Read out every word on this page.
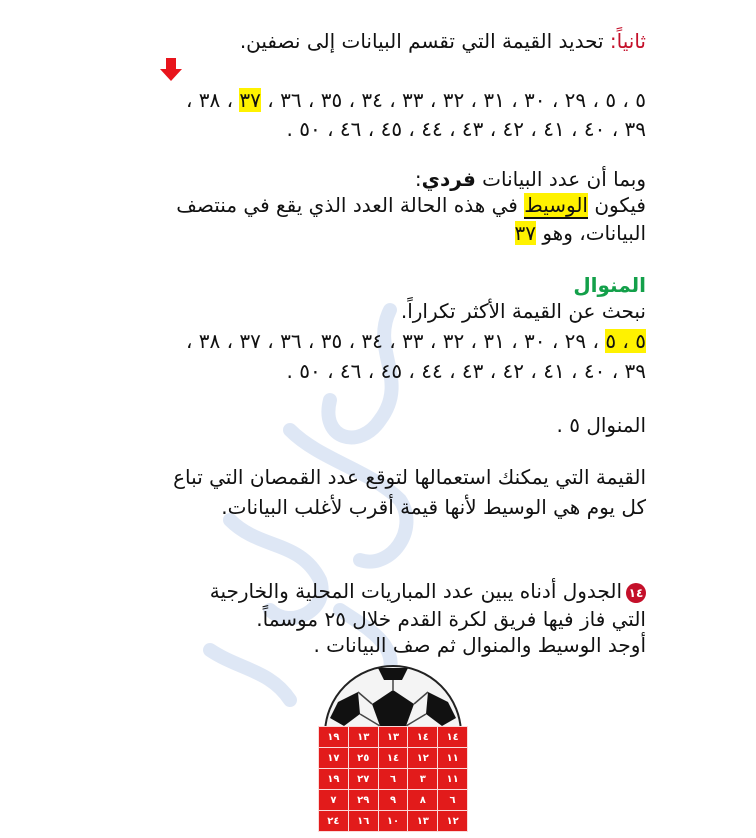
ثانياً: تحديد القيمة التي تقسم البيانات إلى نصفين.
٥ ، ٥ ، ٢٩ ، ٣٠ ، ٣١ ، ٣٢ ، ٣٣ ، ٣٤ ، ٣٥ ، ٣٦ ، ٣٧ ، ٣٨ ،
٣٩ ، ٤٠ ، ٤١ ، ٤٢ ، ٤٣ ، ٤٤ ، ٤٥ ، ٤٦ ، ٥٠ .
وبما أن عدد البيانات فردي:
فيكون الوسيط في هذه الحالة العدد الذي يقع في منتصف
البيانات، وهو ٣٧
المنوال
نبحث عن القيمة الأكثر تكراراً.
٥ ، ٥ ، ٢٩ ، ٣٠ ، ٣١ ، ٣٢ ، ٣٣ ، ٣٤ ، ٣٥ ، ٣٦ ، ٣٧ ، ٣٨ ،
٣٩ ، ٤٠ ، ٤١ ، ٤٢ ، ٤٣ ، ٤٤ ، ٤٥ ، ٤٦ ، ٥٠ .
المنوال ٥ .
القيمة التي يمكنك استعمالها لتوقع عدد القمصان التي تباع
كل يوم هي الوسيط لأنها قيمة أقرب لأغلب البيانات.
١٤الجدول أدناه يبين عدد المباريات المحلية والخارجية
التي فاز فيها فريق لكرة القدم خلال ٢٥ موسماً.
أوجد الوسيط والمنوال ثم صف البيانات .
١٤	١٤	١٣	١٣	١٩
١١	١٢	١٤	٢٥	١٧
١١	٣	٦	٢٧	١٩
٦	٨	٩	٢٩	٧
١٢	١٣	١٠	١٦	٢٤
